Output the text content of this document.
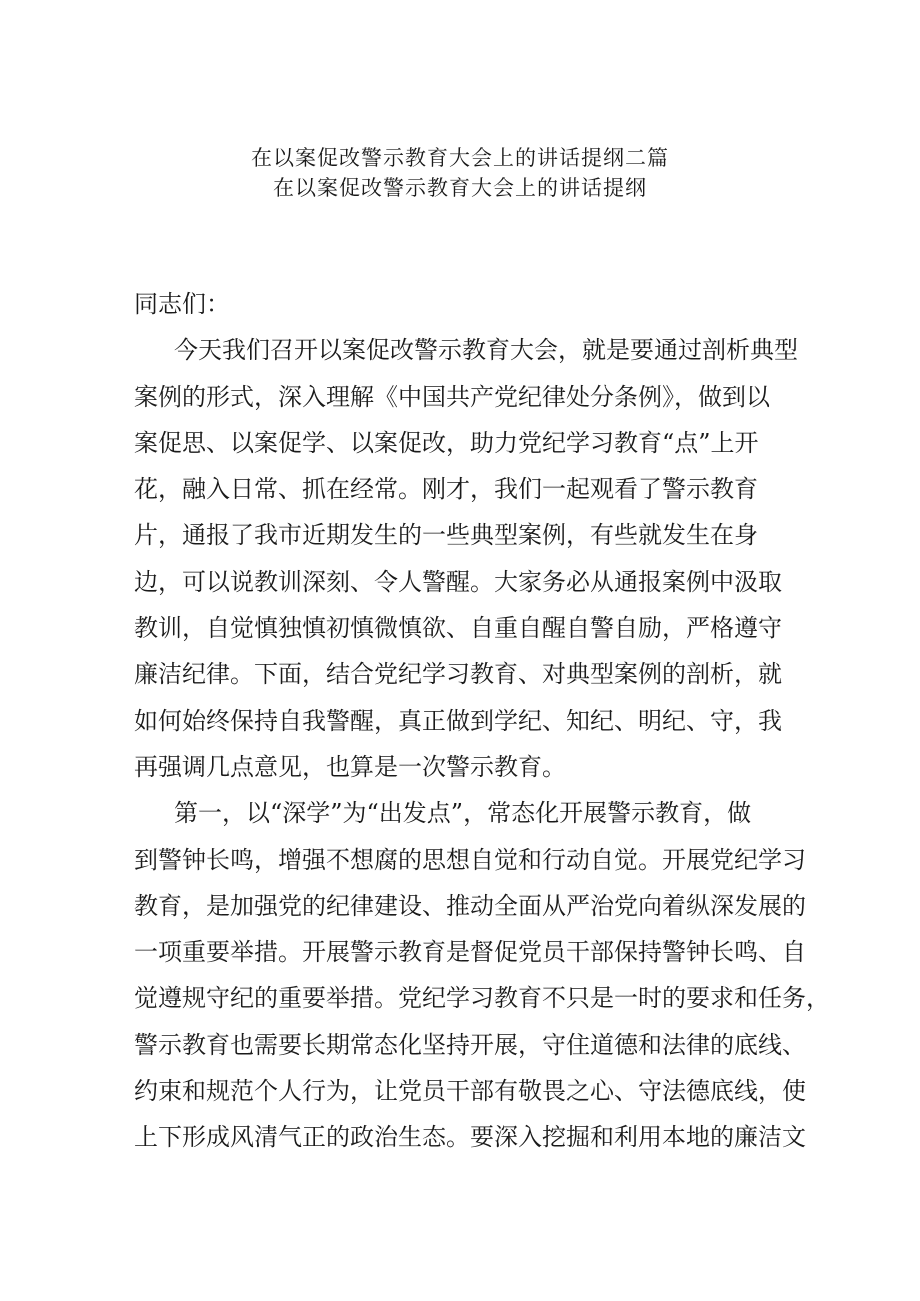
在以案促改警示教育大会上的讲话提纲二篇
在以案促改警示教育大会上的讲话提纲
同志们：
今天我们召开以案促改警示教育大会，就是要通过剖析典型
案例的形式，深入理解《中国共产党纪律处分条例》，做到以
案促思、以案促学、以案促改，助力党纪学习教育“点”上开
花，融入日常、抓在经常。刚才，我们一起观看了警示教育
片，通报了我市近期发生的一些典型案例，有些就发生在身
边，可以说教训深刻、令人警醒。大家务必从通报案例中汲取
教训，自觉慎独慎初慎微慎欲、自重自醒自警自励，严格遵守
廉洁纪律。下面，结合党纪学习教育、对典型案例的剖析，就
如何始终保持自我警醒，真正做到学纪、知纪、明纪、守，我
再强调几点意见，也算是一次警示教育。
第一，以“深学”为“出发点”，常态化开展警示教育，做
到警钟长鸣，增强不想腐的思想自觉和行动自觉。开展党纪学习
教育，是加强党的纪律建设、推动全面从严治党向着纵深发展的
一项重要举措。开展警示教育是督促党员干部保持警钟长鸣、自
觉遵规守纪的重要举措。党纪学习教育不只是一时的要求和任务，
警示教育也需要长期常态化坚持开展，守住道德和法律的底线、
约束和规范个人行为，让党员干部有敬畏之心、守法德底线，使
上下形成风清气正的政治生态。要深入挖掘和利用本地的廉洁文
